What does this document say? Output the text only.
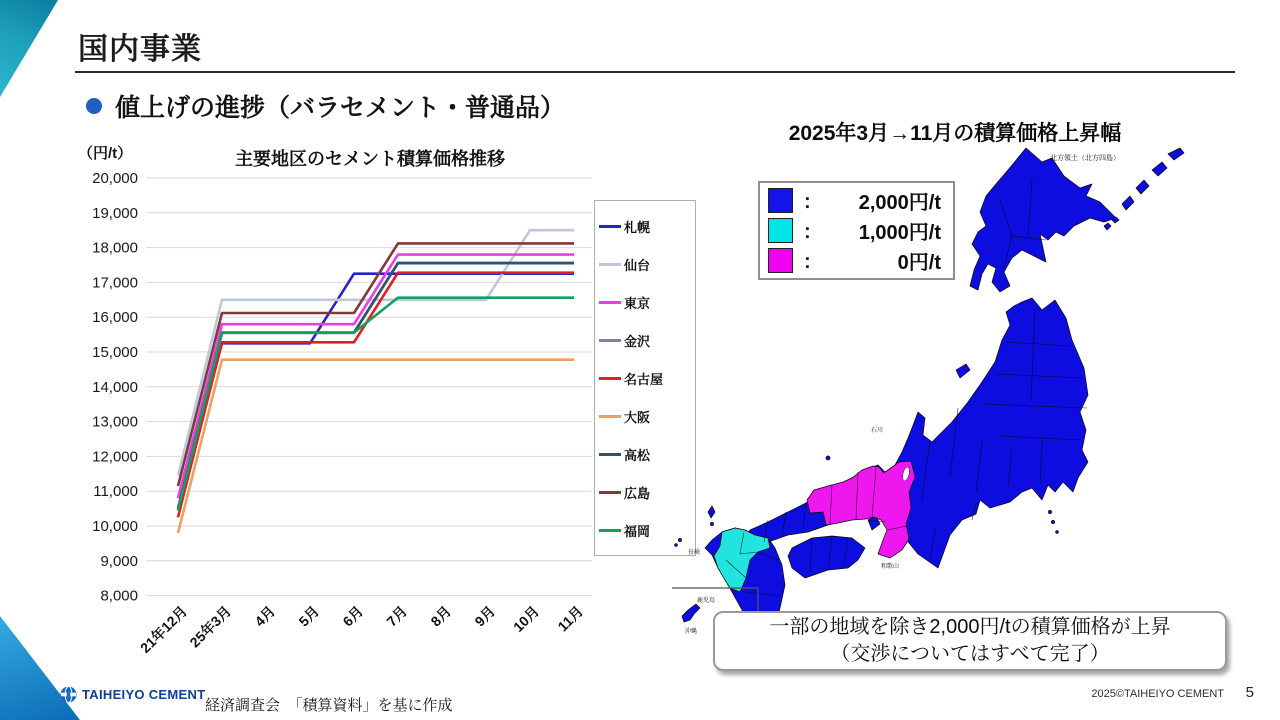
国内事業
値上げの進捗（バラセメント・普通品）
（円/t）	主要地区のセメント積算価格推移
8,000
9,000
10,000
11,000
12,000
13,000
14,000
15,000
16,000
17,000
18,000
19,000
20,000
21年12月
25年3月 4月 5月 6月 7月 8月 9月 10月 11月
札幌
仙台
東京
金沢
名古屋
大阪
高松
広島
福岡
2025年3月→11月の積算価格上昇幅
：	2,000円/t
：	1,000円/t
：	0円/t
北方領土（北方四島）
石川
和歌山
長崎
鹿児島
沖縄	一部の地域を除き2,000円/tの積算価格が上昇
（交渉についてはすべて完了）
TAIHEIYO CEMENT
経済調査会　「積算資料」を基に作成
2025©TAIHEIYO CEMENT 5
